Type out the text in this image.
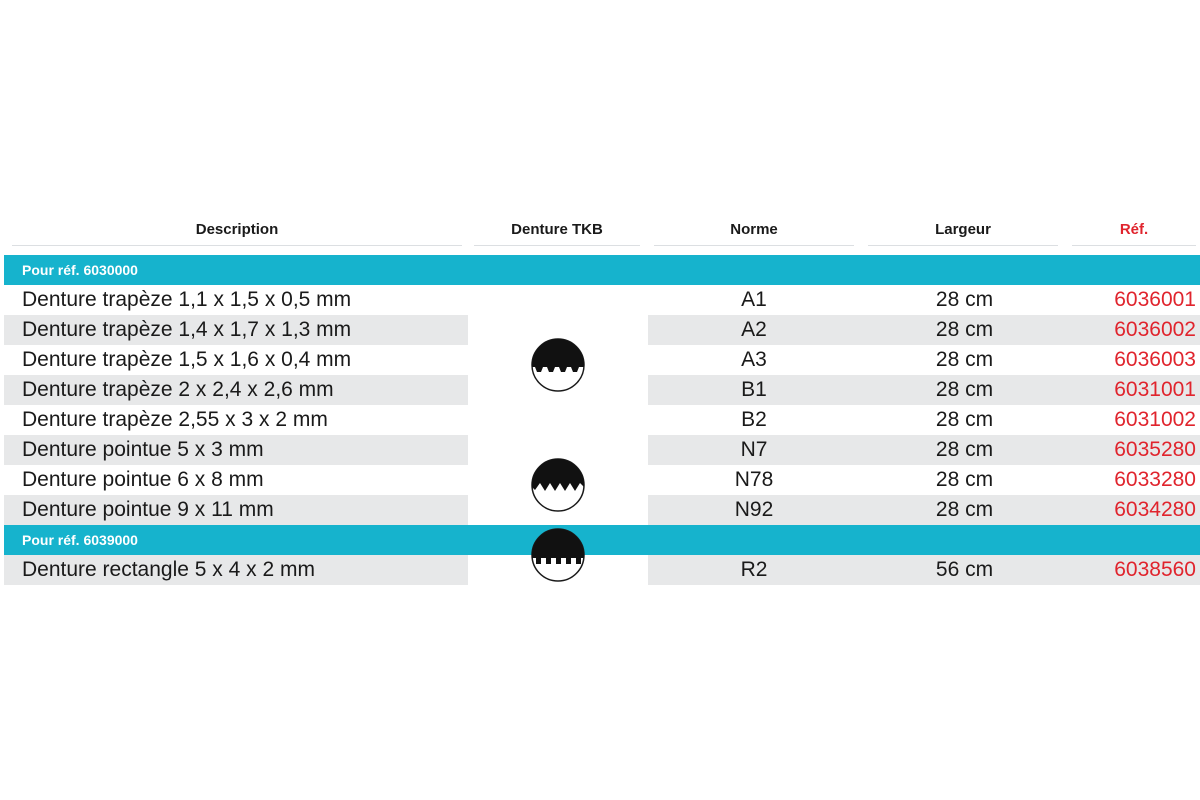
Description	Denture TKB	Norme	Largeur	Réf.
Pour réf. 6030000
Denture trapèze 1,1 x 1,5 x 0,5 mm	A1	28 cm	6036001
Denture trapèze 1,4 x 1,7 x 1,3 mm	A2	28 cm	6036002
Denture trapèze 1,5 x 1,6 x 0,4 mm	A3	28 cm	6036003
Denture trapèze 2 x 2,4 x 2,6 mm	B1	28 cm	6031001
Denture trapèze 2,55 x 3 x 2 mm	B2	28 cm	6031002
Denture pointue 5 x 3 mm	N7	28 cm	6035280
Denture pointue 6 x 8 mm	N78	28 cm	6033280
Denture pointue 9 x 11 mm	N92	28 cm	6034280
Pour réf. 6039000
Denture rectangle 5 x 4 x 2 mm	R2	56 cm	6038560
